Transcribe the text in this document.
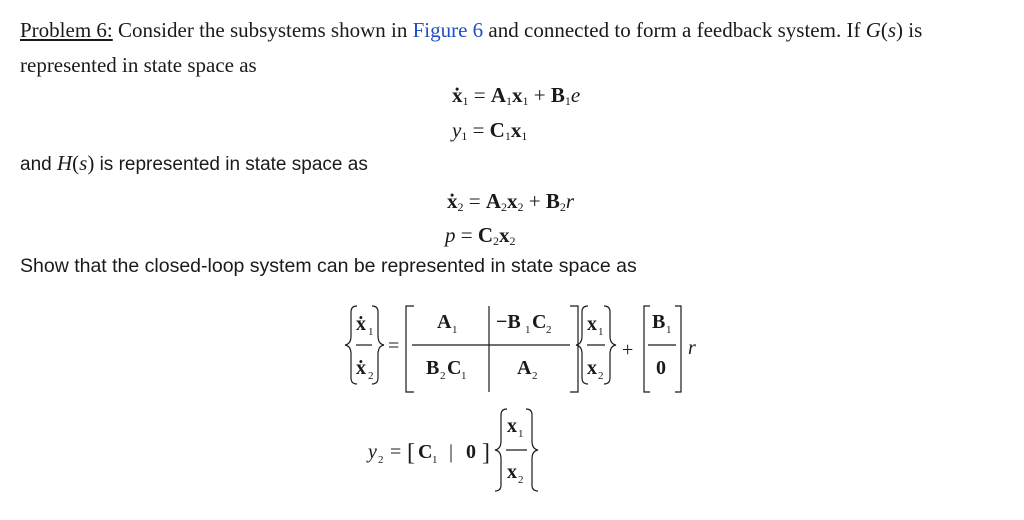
Problem 6: Consider the subsystems shown in Figure 6 and connected to form a feedback system. If G(s) is
represented in state space as
ẋ$_1$ = $A_1x_1 + B_1e$
$y_1 = C_1x_1$
and H(s) is represented in state space as
ẋ$_2$ = $A_2x_2 + B_2r$
$p = C_2x_2$
Show that the closed-loop system can be represented in state space as
ẋ 1
ẋ 2
=
A 1 −B 1 C 2
B 2 C 1	A 2
x 1
x 2
+
B 1
0
r
y 2 = [ C 1 | 0 ]
x 1
x 2
